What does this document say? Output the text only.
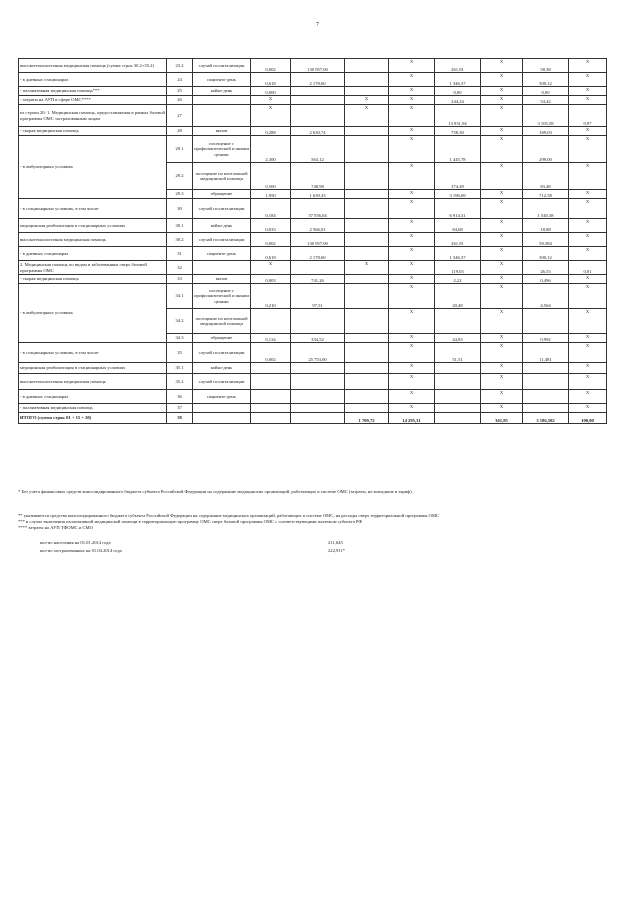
7
высокотехнологичная медицинская помощь (сумма строк 30.2+35.2)	23.2	случай госпитализации	0,002	130 957,00		X	261,91	X	58,38	X
- в дневных стационарах	24	пациенто-день	0,618	2 178,60		X	1 346,37	X	300,12	X
- паллиативная медицинская помощь***	25	койко-день	0,000			X	0,00	X	0,00	X
- затраты на АУП в сфере ОМС****	26		X		X	X	244,24	X	54,42	X
из строки 20: 1. Медицинская помощь, предоставляемая в рамках базовой программы ОМС застрахованным лицам	27		X		X	X	13 931,94	X	3 105,58	0,97
- скорая медицинская помощь	28	вызов	0,288	2 630,74		X	758,30	X	169,03	X
- в амбулаторных условиях	29.1	посещение с профилактической и иными целями	2,300	563,12		X	1 445,78	X	299,00	X
	29.2	посещение по неотложной медицинской помощи	0,500	748,98		X	374,49	X	83,48	X
	29.3	обращение	1,950	1 639,33		X	3 196,69	X	712,58	X
- в стационарных условиях, в том числе:	30	случай госпитализации	0,184	37 556,04		X	6 914,31	X	1 540,38	X
медицинская реабилитация в стационарных условиях	30.1	койко-день	0,033	2 566,01		X	84,68	X	18,88	X
высокотехнологичная медицинская помощь	30.2	случай госпитализации	0,002	130 957,00		X	261,91	X	58,384	X
- в дневных стационарах	31	пациенто-день	0,618	2 178,60		X	1 346,37	X	300,12	X
2. Медицинская помощь по видам и заболеваниям сверх базовой программы ОМС	32		X		X	X	119,03	X	26,53	0,01
- скорая медицинская помощь	33	вызов	0,003	741,26		X	2,22	X	0,496	X
- в амбулаторных условиях	34.1	посещение с профилактической и иными целями	0,210	97,51		X	20,48	X	4,564	X
	34.2	посещение по неотложной медицинской помощи				X		X		X
	34.3	обращение	0,134	334,52		X	44,83	X	0,992	X
- в стационарных условиях, в том числе:	35	случай госпитализации	0,002	25 753,00		X	51,51	X	11,481	X
медицинская реабилитация в стационарных условиях	35.1	койко-день				X		X		X
высокотехнологичная медицинская помощь	35.2	случай госпитализации				X		X		X
- в дневных стационарах	36	пациенто-день				X		X		X
- паллиативная медицинская помощь	37					X		X		X
ИТОГО (сумма строк 01 + 15 + 20)	38				1 709,72	14 295,31		361,85	3 186,582	100,00
* Без учета финансовых средств консолидированного бюджета субъекта Российской Федерации на содержание медицинских организаций, работающих в системе ОМС (затраты, не вошедшие в тариф).
** указываются средства консолидированного бюджета субъекта Российской Федерации на содержание медицинских организаций, работающих в системе ОМС, на расходы сверх территориальной программы ОМС
*** в случае включения паллиативной медицинской помощи в территориальную программу ОМС сверх базовой программы ОМС с соответствующими платежом субъекта РФ
**** затраты на АУП ТФОМС и СМО
кол-во населения на 01.01.2014 года	211,645
кол-во застрахованных на 01.04.2014 года	222,911*
